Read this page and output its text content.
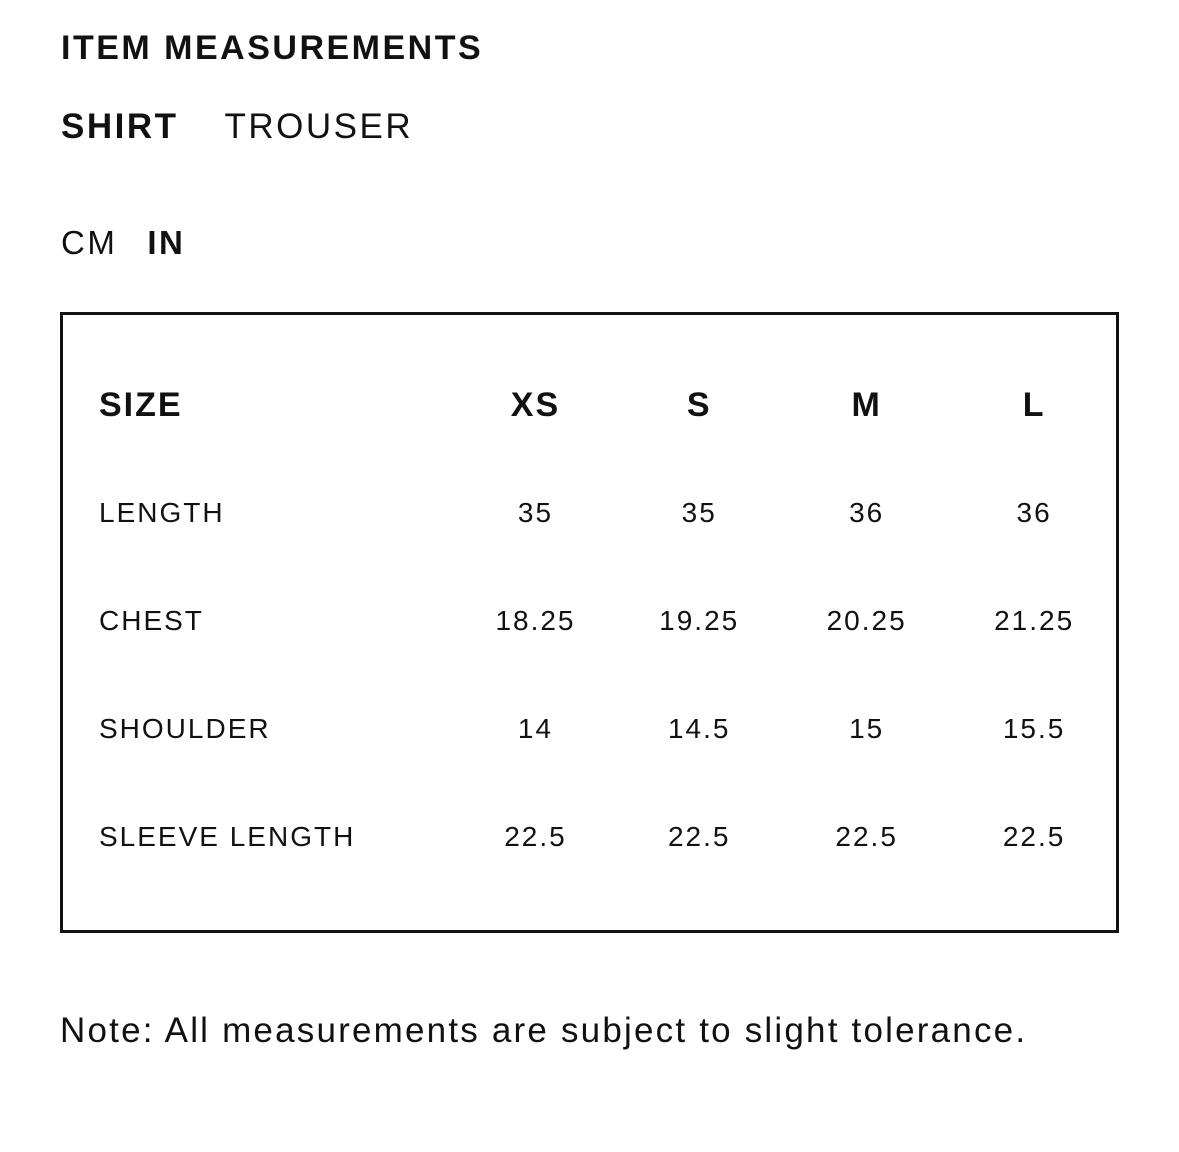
ITEM MEASUREMENTS
SHIRT TROUSER
CM IN
SIZE	XS	S	M	L
LENGTH	35	35	36	36
CHEST	18.25	19.25	20.25	21.25
SHOULDER	14	14.5	15	15.5
SLEEVE LENGTH	22.5	22.5	22.5	22.5

Note: All measurements are subject to slight tolerance.
